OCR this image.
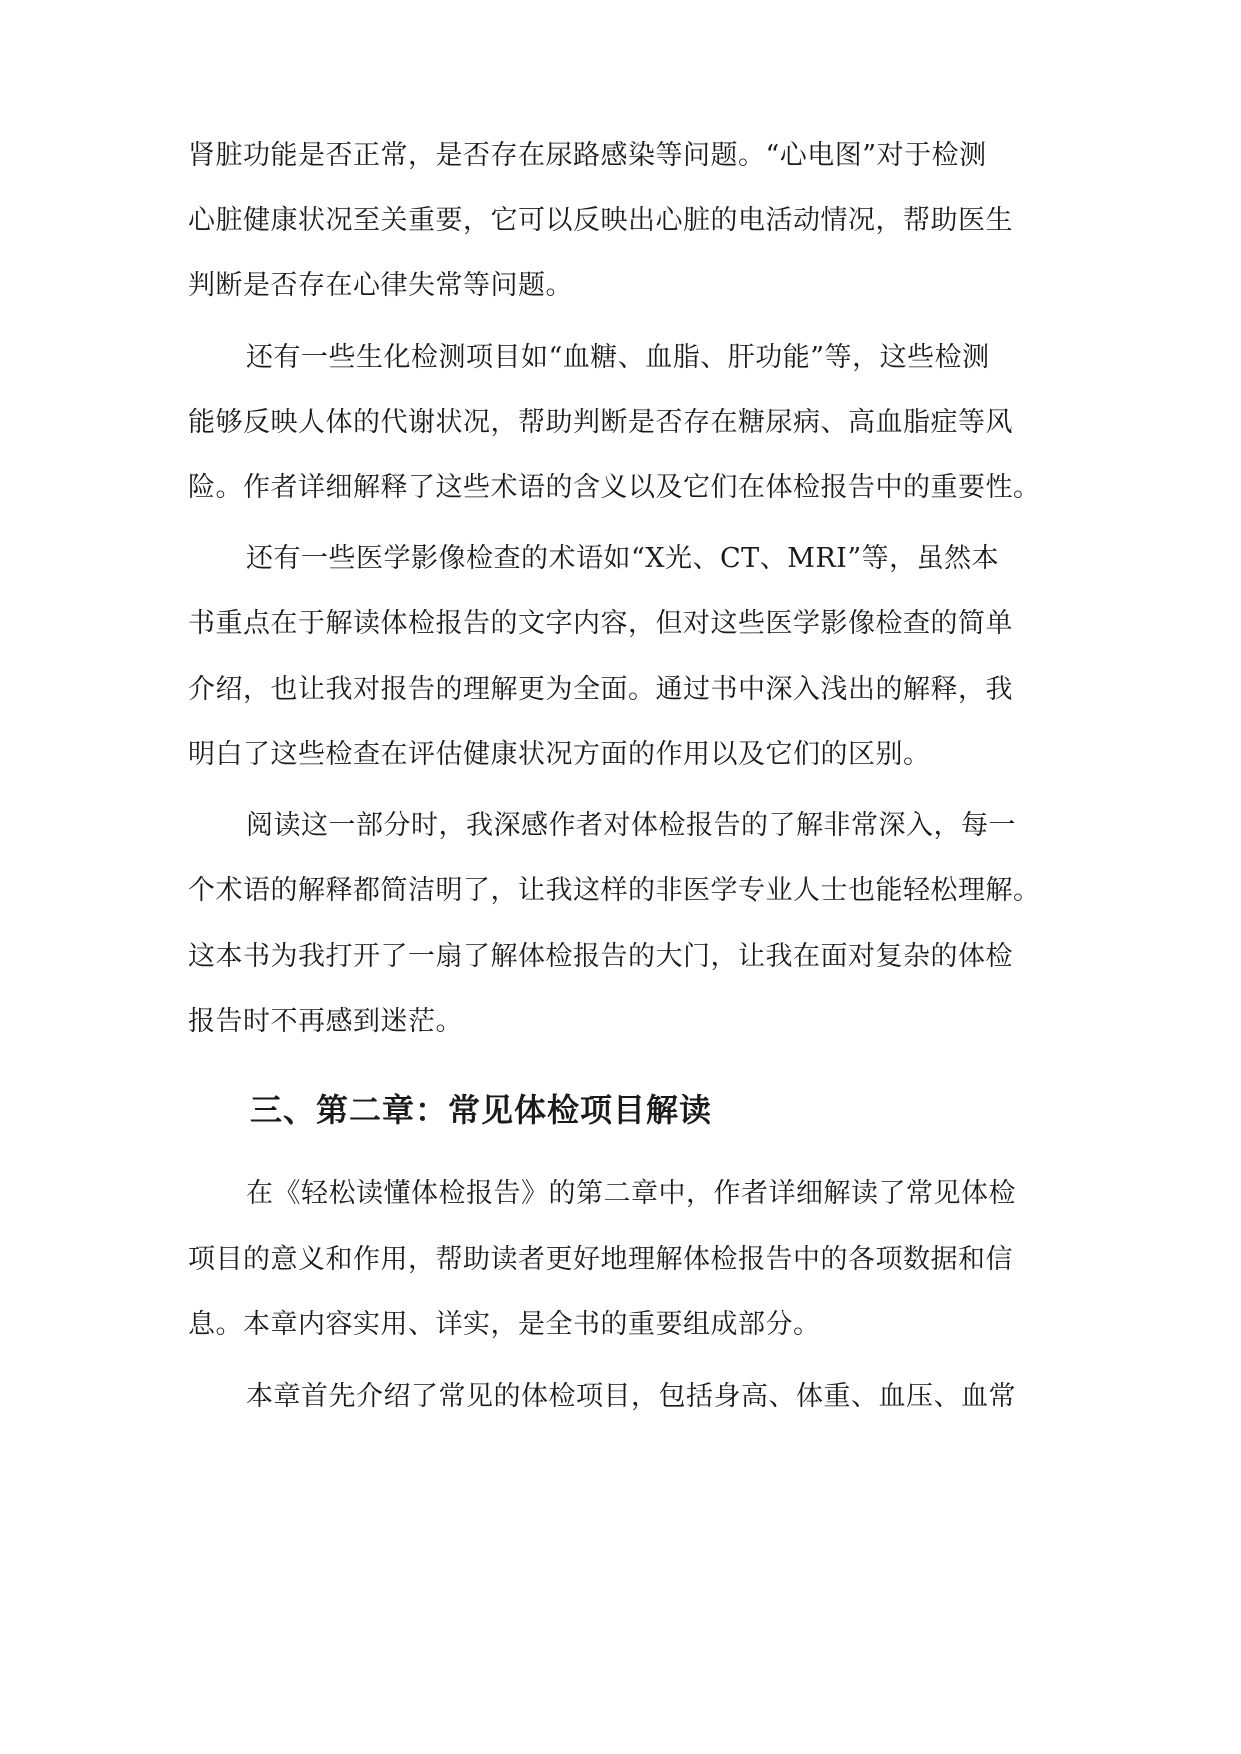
肾脏功能是否正常，是否存在尿路感染等问题。“心电图”对于检测
心脏健康状况至关重要，它可以反映出心脏的电活动情况，帮助医生
判断是否存在心律失常等问题。
还有一些生化检测项目如“血糖、血脂、肝功能”等，这些检测
能够反映人体的代谢状况，帮助判断是否存在糖尿病、高血脂症等风
险。作者详细解释了这些术语的含义以及它们在体检报告中的重要性。
还有一些医学影像检查的术语如“X光、CT、MRI”等，虽然本
书重点在于解读体检报告的文字内容，但对这些医学影像检查的简单
介绍，也让我对报告的理解更为全面。通过书中深入浅出的解释，我
明白了这些检查在评估健康状况方面的作用以及它们的区别。
阅读这一部分时，我深感作者对体检报告的了解非常深入，每一
个术语的解释都简洁明了，让我这样的非医学专业人士也能轻松理解。
这本书为我打开了一扇了解体检报告的大门，让我在面对复杂的体检
报告时不再感到迷茫。
三、第二章：常见体检项目解读
在《轻松读懂体检报告》的第二章中，作者详细解读了常见体检
项目的意义和作用，帮助读者更好地理解体检报告中的各项数据和信
息。本章内容实用、详实，是全书的重要组成部分。
本章首先介绍了常见的体检项目，包括身高、体重、血压、血常
